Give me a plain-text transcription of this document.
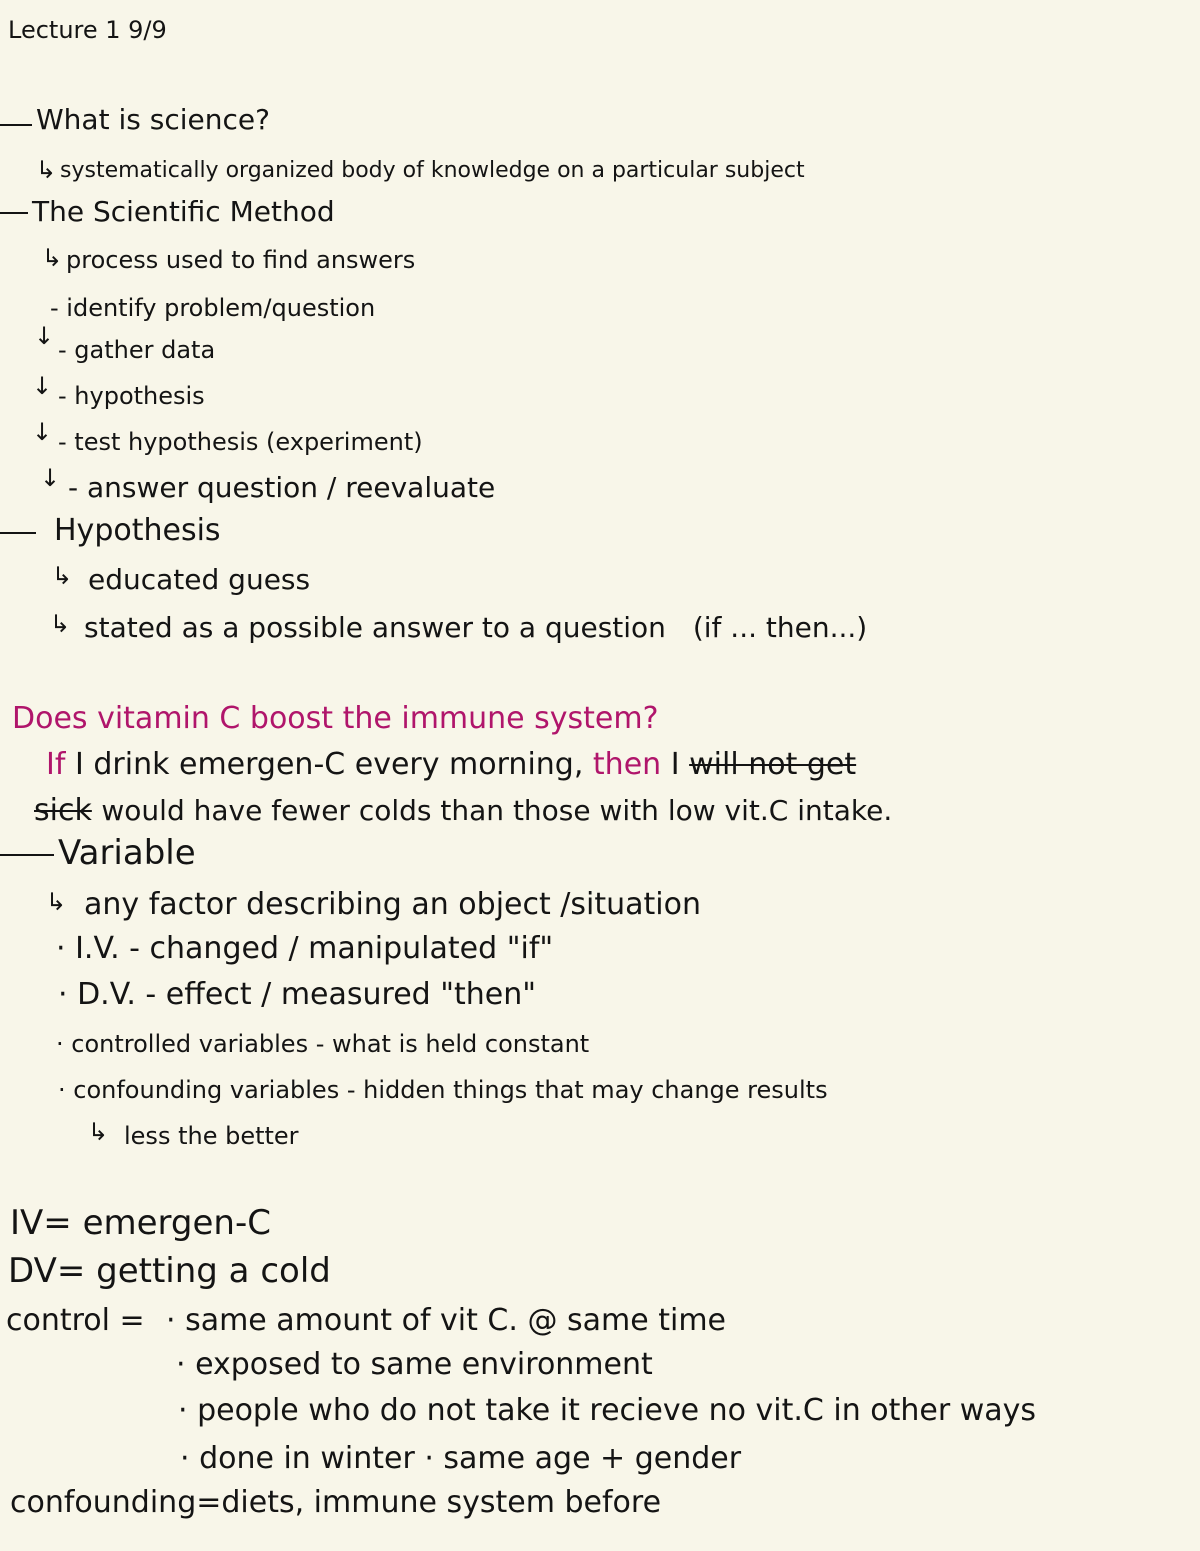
Lecture 1 9/9
What is science?
↳ systematically organized body of knowledge on a particular subject
The Scientific Method
↳ process used to find answers
- identify problem/question
↓ - gather data
↓ - hypothesis
↓ - test hypothesis (experiment)
↓ - answer question / reevaluate
Hypothesis
↳ educated guess
↳ stated as a possible answer to a question (if ... then...)
Does vitamin C boost the immune system?
If I drink emergen-C every morning, then I will not get
sick would have fewer colds than those with low vit.C intake.
Variable
↳ any factor describing an object /situation
· I.V. - changed / manipulated "if"
· D.V. - effect / measured "then"
· controlled variables - what is held constant
· confounding variables - hidden things that may change results
↳ less the better
IV= emergen-C
DV= getting a cold
control = · same amount of vit C. @ same time
· exposed to same environment
· people who do not take it recieve no vit.C in other ways
· done in winter · same age + gender
confounding=diets, immune system before
